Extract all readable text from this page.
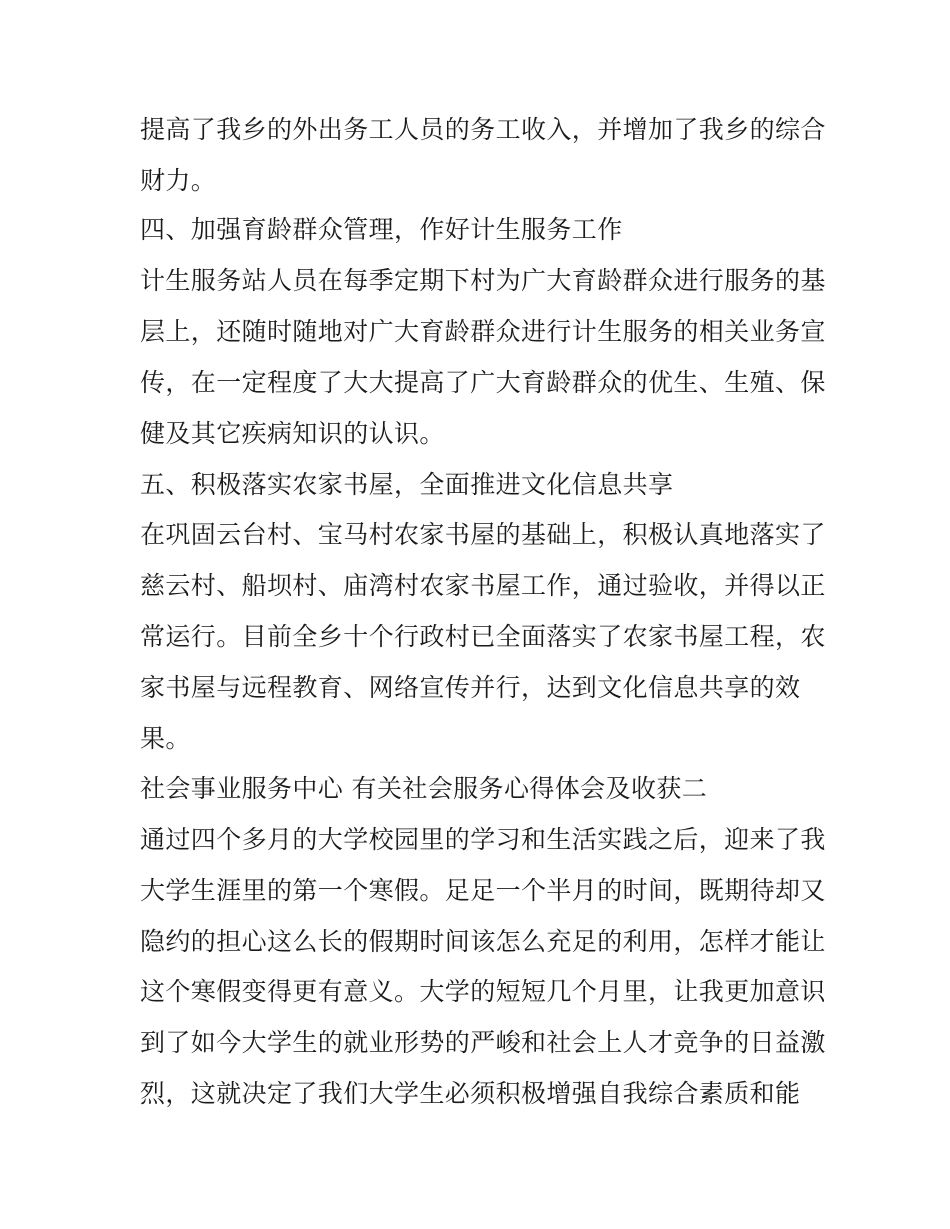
提高了我乡的外出务工人员的务工收入，并增加了我乡的综合
财力。
四、加强育龄群众管理，作好计生服务工作
计生服务站人员在每季定期下村为广大育龄群众进行服务的基
层上，还随时随地对广大育龄群众进行计生服务的相关业务宣
传，在一定程度了大大提高了广大育龄群众的优生、生殖、保
健及其它疾病知识的认识。
五、积极落实农家书屋，全面推进文化信息共享
在巩固云台村、宝马村农家书屋的基础上，积极认真地落实了
慈云村、船坝村、庙湾村农家书屋工作，通过验收，并得以正
常运行。目前全乡十个行政村已全面落实了农家书屋工程，农
家书屋与远程教育、网络宣传并行，达到文化信息共享的效
果。
社会事业服务中心 有关社会服务心得体会及收获二
通过四个多月的大学校园里的学习和生活实践之后，迎来了我
大学生涯里的第一个寒假。足足一个半月的时间，既期待却又
隐约的担心这么长的假期时间该怎么充足的利用，怎样才能让
这个寒假变得更有意义。大学的短短几个月里，让我更加意识
到了如今大学生的就业形势的严峻和社会上人才竞争的日益激
烈，这就决定了我们大学生必须积极增强自我综合素质和能
